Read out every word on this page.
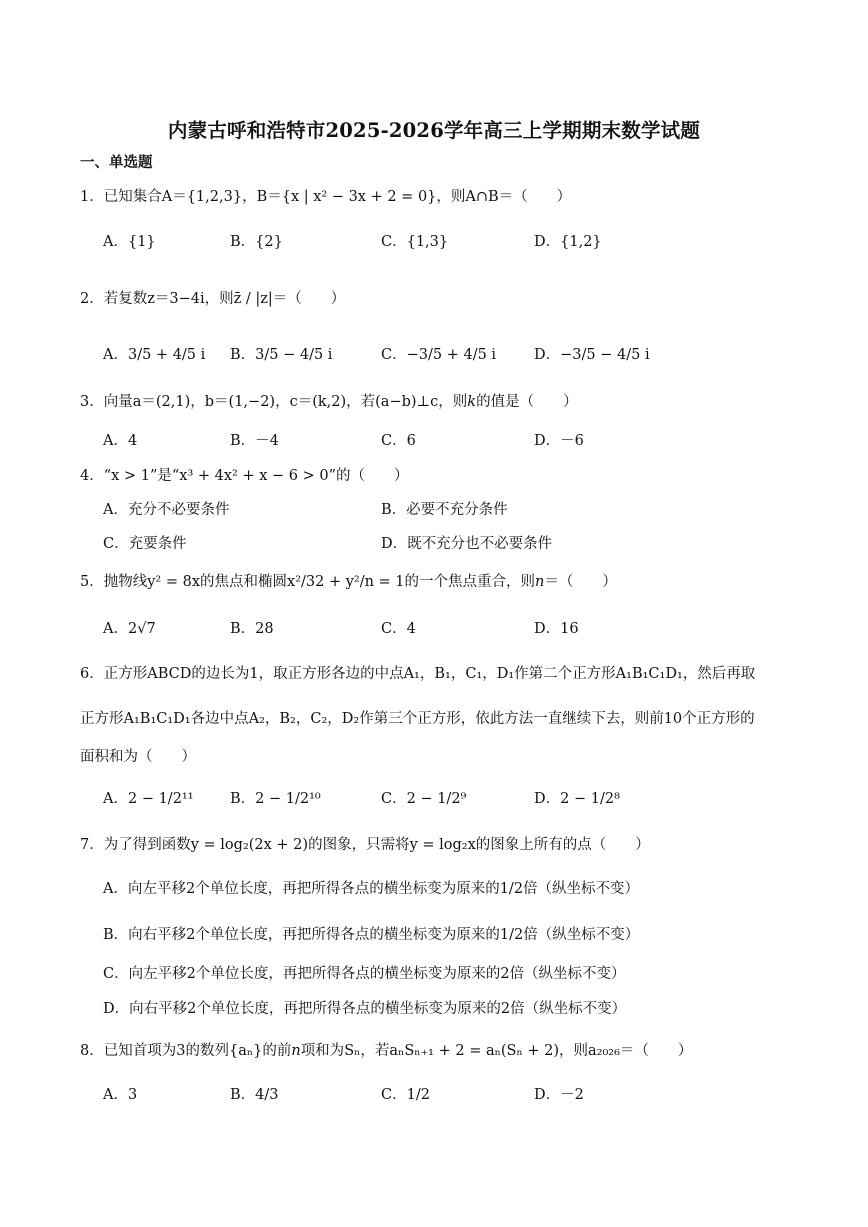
内蒙古呼和浩特市2025-2026学年高三上学期期末数学试题
一、单选题
1．已知集合A＝{1,2,3}，B＝{x | x² − 3x + 2 = 0}，则A∩B＝（　　）
A．{1}	B．{2}	C．{1,3}	D．{1,2}
2．若复数z＝3−4i，则z̄ / |z|＝（　　）
A．3/5 + 4/5 i B．3/5 − 4/5 i	C．−3/5 + 4/5 i	D．−3/5 − 4/5 i
3．向量a＝(2,1)，b＝(1,−2)，c＝(k,2)，若(a−b)⊥c，则k的值是（　　）
A．4	B．－4	C．6	D．－6
4．“x > 1”是“x³ + 4x² + x − 6 > 0”的（　　）
A．充分不必要条件	B．必要不充分条件
C．充要条件	D．既不充分也不必要条件
5．抛物线y² = 8x的焦点和椭圆x²/32 + y²/n = 1的一个焦点重合，则n＝（　　）
A．2√7	B．28	C．4	D．16
6．正方形ABCD的边长为1，取正方形各边的中点A₁，B₁，C₁，D₁作第二个正方形A₁B₁C₁D₁，然后再取
正方形A₁B₁C₁D₁各边中点A₂，B₂，C₂，D₂作第三个正方形，依此方法一直继续下去，则前10个正方形的
面积和为（　　）
A．2 − 1/2¹¹	B．2 − 1/2¹⁰	C．2 − 1/2⁹	D．2 − 1/2⁸
7．为了得到函数y = log₂(2x + 2)的图象，只需将y = log₂x的图象上所有的点（　　）
A．向左平移2个单位长度，再把所得各点的横坐标变为原来的1/2倍（纵坐标不变）
B．向右平移2个单位长度，再把所得各点的横坐标变为原来的1/2倍（纵坐标不变）
C．向左平移2个单位长度，再把所得各点的横坐标变为原来的2倍（纵坐标不变）
D．向右平移2个单位长度，再把所得各点的横坐标变为原来的2倍（纵坐标不变）
8．已知首项为3的数列{aₙ}的前n项和为Sₙ，若aₙSₙ₊₁ + 2 = aₙ(Sₙ + 2)，则a₂₀₂₆＝（　　）
A．3	B．4/3	C．1/2	D．－2
